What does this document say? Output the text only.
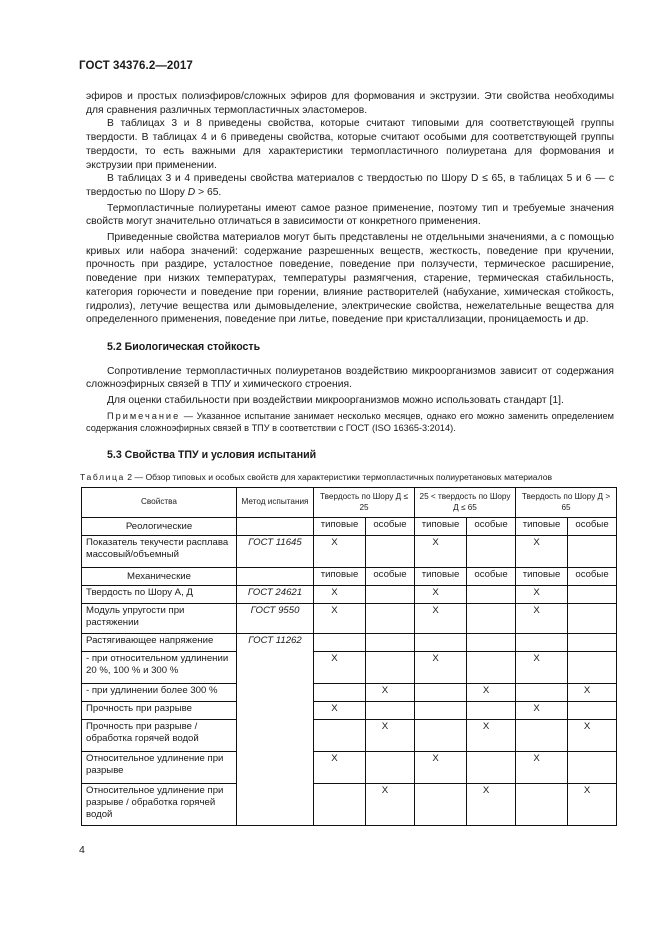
ГОСТ 34376.2—2017

эфиров и простых полиэфиров/сложных эфиров для формования и экструзии. Эти свойства необходимы для сравнения различных термопластичных эластомеров.

В таблицах 3 и 8 приведены свойства, которые считают типовыми для соответствующей группы твердости. В таблицах 4 и 6 приведены свойства, которые считают особыми для соответствующей группы твердости, то есть важными для характеристики термопластичного полиуретана для формования и экструзии при применении.

В таблицах 3 и 4 приведены свойства материалов с твердостью по Шору D ≤ 65, в таблицах 5 и 6 — с твердостью по Шору D > 65.

Термопластичные полиуретаны имеют самое разное применение, поэтому тип и требуемые значения свойств могут значительно отличаться в зависимости от конкретного применения.

Приведенные свойства материалов могут быть представлены не отдельными значениями, а с помощью кривых или набора значений: содержание разрешенных веществ, жесткость, поведение при кручении, прочность при раздире, усталостное поведение, поведение при ползучести, термическое расширение, поведение при низких температурах, температуры размягчения, старение, термическая стабильность, категория горючести и поведение при горении, влияние растворителей (набухание, химическая стойкость, гидролиз), летучие вещества или дымовыделение, электрические свойства, нежелательные вещества для определенного применения, поведение при литье, поведение при кристаллизации, проницаемость и др.

5.2 Биологическая стойкость

Сопротивление термопластичных полиуретанов воздействию микроорганизмов зависит от содержания сложноэфирных связей в ТПУ и химического строения.

Для оценки стабильности при воздействии микроорганизмов можно использовать стандарт [1].

Примечание — Указанное испытание занимает несколько месяцев, однако его можно заменить определением содержания сложноэфирных связей в ТПУ в соответствии с ГОСТ (ISO 16365-3:2014).

5.3 Свойства ТПУ и условия испытаний
Таблица 2 — Обзор типовых и особых свойств для характеристики термопластичных полиуретановых материалов
Свойства	Метод испытания	Твердость по Шору Д ≤ 25		25 < твердость по Шору Д ≤ 65		Твердость по Шору Д > 65	
Реологические		типовые	особые	типовые	особые	типовые	особые
Показатель текучести расплава массовый/объемный	ГОСТ 11645	X		X		X	
Механические		типовые	особые	типовые	особые	типовые	особые
Твердость по Шору А, Д	ГОСТ 24621	X		X		X	
Модуль упругости при растяжении	ГОСТ 9550	X		X		X	
Растягивающее напряжение	ГОСТ 11262						
- при относительном удлинении 20 %, 100 % и 300 %		X		X		X	
- при удлинении более 300 %			X		X		X
Прочность при разрыве		X				X	
Прочность при разрыве / обработка горячей водой			X		X		X
Относительное удлинение при разрыве		X		X		X	
Относительное удлинение при разрыве / обработка горячей водой			X		X		X
4
